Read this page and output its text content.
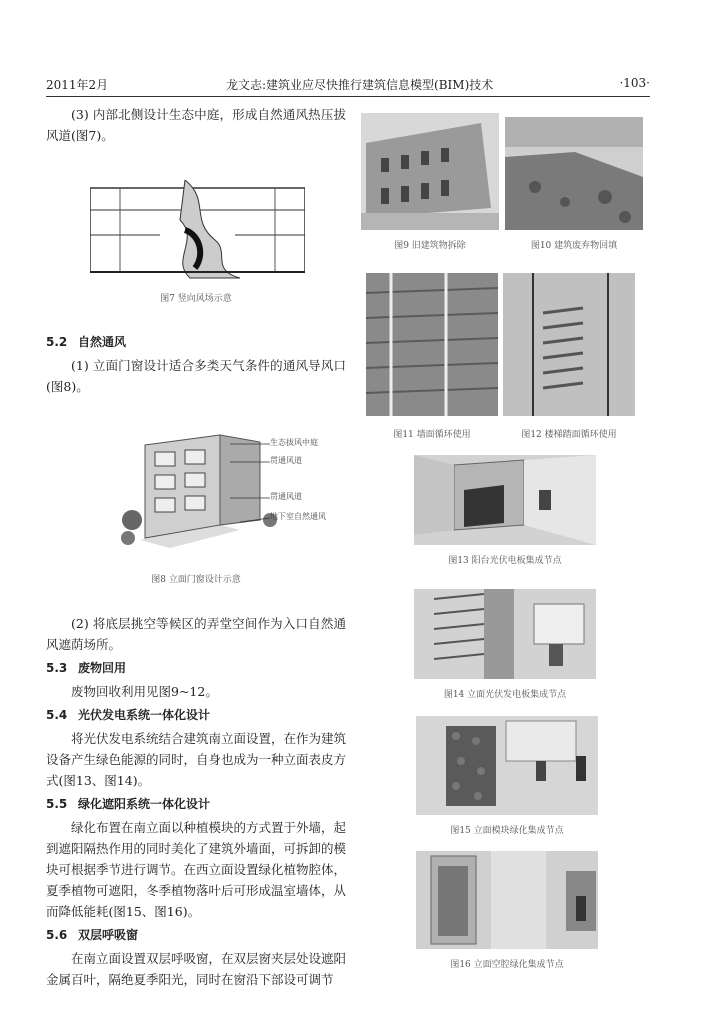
2011年2月	龙文志:建筑业应尽快推行建筑信息模型(BIM)技术	·103·

(3) 内部北侧设计生态中庭，形成自然通风热压拔风道(图7)。

图7 竖向风场示意
5.2 自然通风

(1) 立面门窗设计适合多类天气条件的通风导风口(图8)。

生态拔风中庭
贯通风道
贯通风道
地下室自然通风
图8 立面门窗设计示意

(2) 将底层挑空等候区的弄堂空间作为入口自然通风遮荫场所。

5.3 废物回用

废物回收利用见图9~12。

5.4 光伏发电系统一体化设计

将光伏发电系统结合建筑南立面设置，在作为建筑设备产生绿色能源的同时，自身也成为一种立面表皮方式(图13、图14)。

5.5 绿化遮阳系统一体化设计

绿化布置在南立面以种植模块的方式置于外墙，起到遮阳隔热作用的同时美化了建筑外墙面，可拆卸的模块可根据季节进行调节。在西立面设置绿化植物腔体，夏季植物可遮阳，冬季植物落叶后可形成温室墙体，从而降低能耗(图15、图16)。

5.6 双层呼吸窗

在南立面设置双层呼吸窗，在双层窗夹层处设遮阳金属百叶，隔绝夏季阳光，同时在窗沿下部设可调节

图9 旧建筑物拆除	图10 建筑废弃物回填
图11 墙面循环使用	图12 楼梯踏面循环使用
图13 阳台光伏电板集成节点
图14 立面光伏发电板集成节点
图15 立面模块绿化集成节点
图16 立面空腔绿化集成节点
